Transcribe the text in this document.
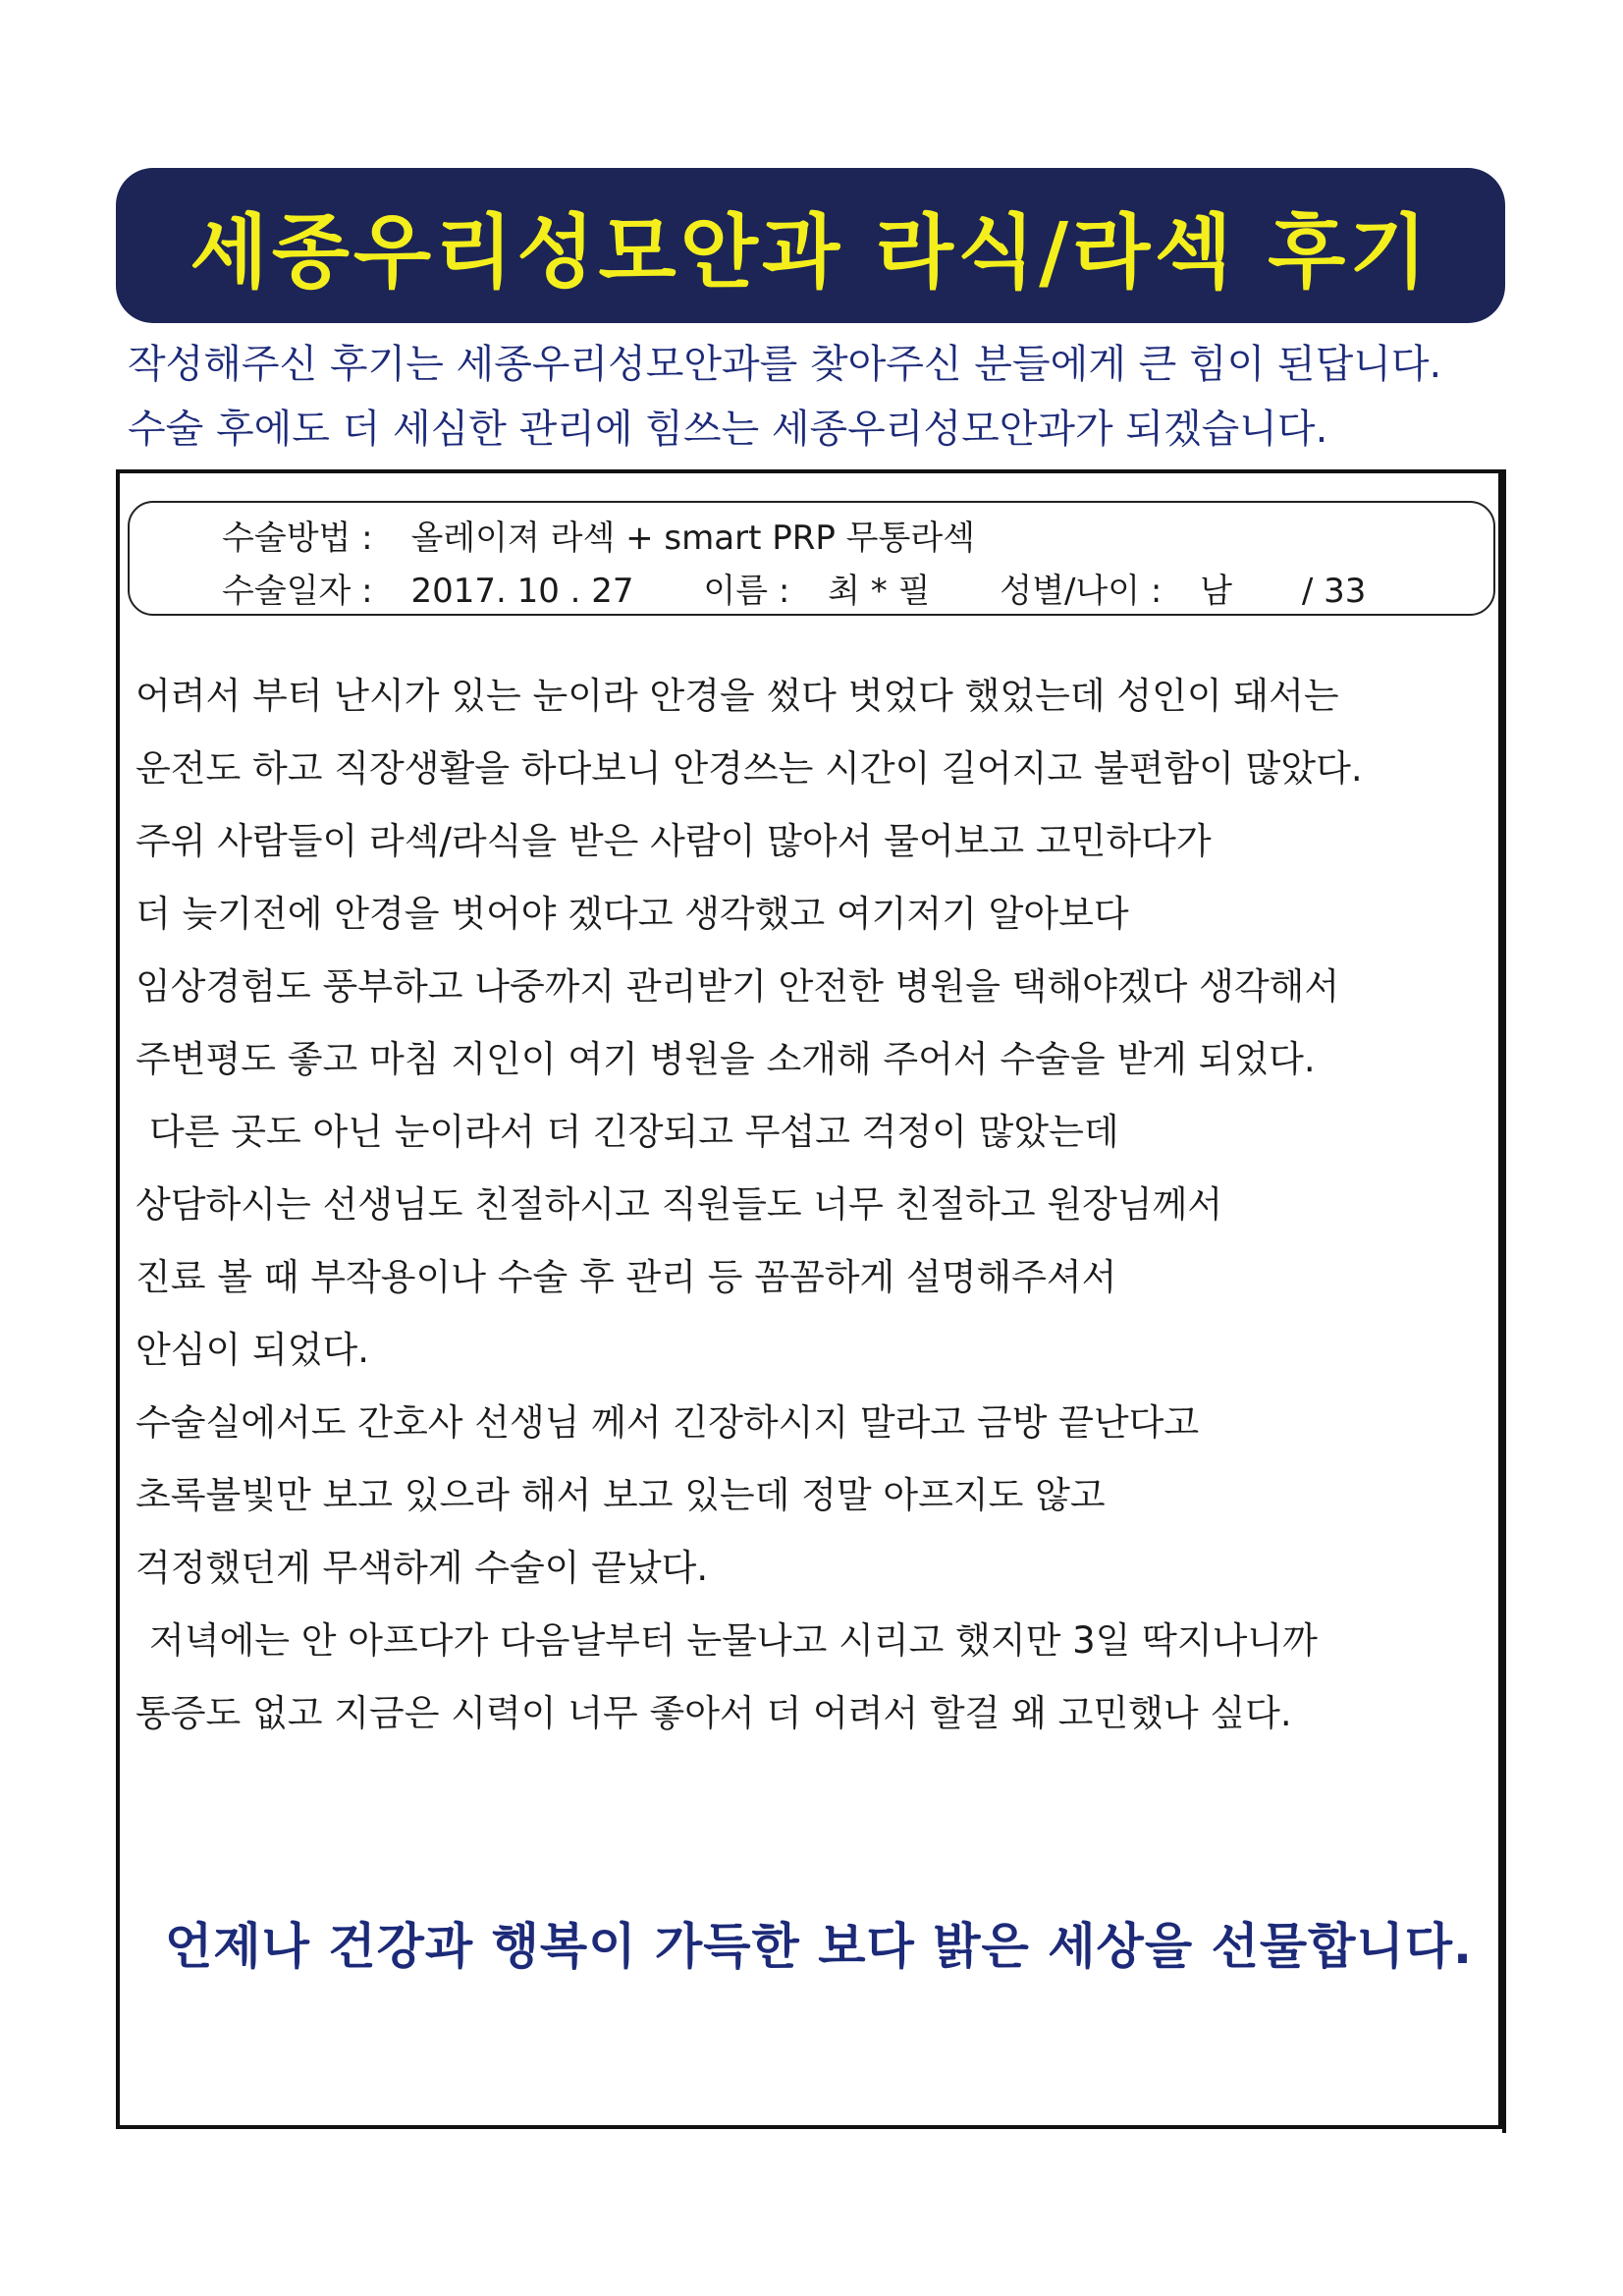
세종우리성모안과 라식/라섹 후기
작성해주신 후기는 세종우리성모안과를 찾아주신 분들에게 큰 힘이 된답니다.
수술 후에도 더 세심한 관리에 힘쓰는 세종우리성모안과가 되겠습니다.
수술방법 : 올레이져 라섹 + smart PRP 무통라섹
수술일자 : 2017. 10 . 27 이름 : 최 * 필 성별/나이 : 남 / 33
어려서 부터 난시가 있는 눈이라 안경을 썼다 벗었다 했었는데 성인이 돼서는
운전도 하고 직장생활을 하다보니 안경쓰는 시간이 길어지고 불편함이 많았다.
주위 사람들이 라섹/라식을 받은 사람이 많아서 물어보고 고민하다가
더 늦기전에 안경을 벗어야 겠다고 생각했고 여기저기 알아보다
임상경험도 풍부하고 나중까지 관리받기 안전한 병원을 택해야겠다 생각해서
주변평도 좋고 마침 지인이 여기 병원을 소개해 주어서 수술을 받게 되었다.
다른 곳도 아닌 눈이라서 더 긴장되고 무섭고 걱정이 많았는데
상담하시는 선생님도 친절하시고 직원들도 너무 친절하고 원장님께서
진료 볼 때 부작용이나 수술 후 관리 등 꼼꼼하게 설명해주셔서
안심이 되었다.
수술실에서도 간호사 선생님 께서 긴장하시지 말라고 금방 끝난다고
초록불빛만 보고 있으라 해서 보고 있는데 정말 아프지도 않고
걱정했던게 무색하게 수술이 끝났다.
저녁에는 안 아프다가 다음날부터 눈물나고 시리고 했지만 3일 딱지나니까
통증도 없고 지금은 시력이 너무 좋아서 더 어려서 할걸 왜 고민했나 싶다.
언제나 건강과 행복이 가득한 보다 밝은 세상을 선물합니다.
